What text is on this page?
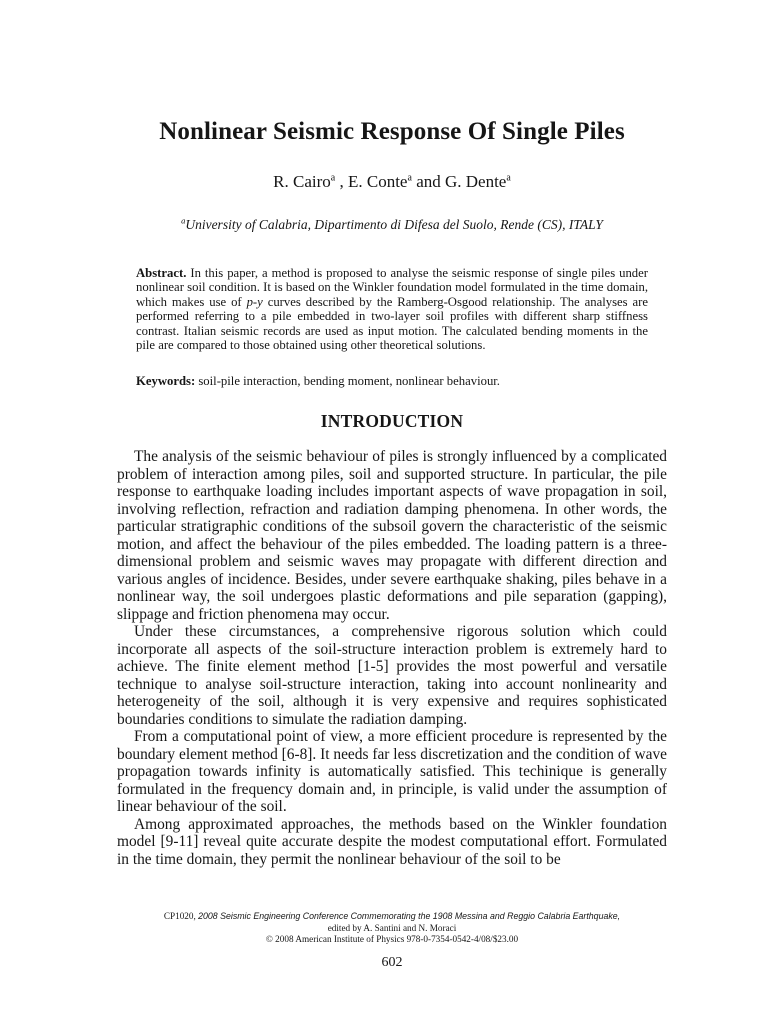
Nonlinear Seismic Response Of Single Piles
R. Cairo$^a$ , E. Conte$^a$ and G. Dente$^a$
$^a$University of Calabria, Dipartimento di Difesa del Suolo, Rende (CS), ITALY

Abstract. In this paper, a method is proposed to analyse the seismic response of single piles under nonlinear soil condition. It is based on the Winkler foundation model formulated in the time domain, which makes use of p-y curves described by the Ramberg-Osgood relationship. The analyses are performed referring to a pile embedded in two-layer soil profiles with different sharp stiffness contrast. Italian seismic records are used as input motion. The calculated bending moments in the pile are compared to those obtained using other theoretical solutions.

Keywords: soil-pile interaction, bending moment, nonlinear behaviour.

INTRODUCTION

The analysis of the seismic behaviour of piles is strongly influenced by a complicated problem of interaction among piles, soil and supported structure. In particular, the pile response to earthquake loading includes important aspects of wave propagation in soil, involving reflection, refraction and radiation damping phenomena. In other words, the particular stratigraphic conditions of the subsoil govern the characteristic of the seismic motion, and affect the behaviour of the piles embedded. The loading pattern is a three-dimensional problem and seismic waves may propagate with different direction and various angles of incidence. Besides, under severe earthquake shaking, piles behave in a nonlinear way, the soil undergoes plastic deformations and pile separation (gapping), slippage and friction phenomena may occur.

Under these circumstances, a comprehensive rigorous solution which could incorporate all aspects of the soil-structure interaction problem is extremely hard to achieve. The finite element method [1-5] provides the most powerful and versatile technique to analyse soil-structure interaction, taking into account nonlinearity and heterogeneity of the soil, although it is very expensive and requires sophisticated boundaries conditions to simulate the radiation damping.

From a computational point of view, a more efficient procedure is represented by the boundary element method [6-8]. It needs far less discretization and the condition of wave propagation towards infinity is automatically satisfied. This techinique is generally formulated in the frequency domain and, in principle, is valid under the assumption of linear behaviour of the soil.

Among approximated approaches, the methods based on the Winkler foundation model [9-11] reveal quite accurate despite the modest computational effort. Formulated in the time domain, they permit the nonlinear behaviour of the soil to be

CP1020, 2008 Seismic Engineering Conference Commemorating the 1908 Messina and Reggio Calabria Earthquake,
edited by A. Santini and N. Moraci
© 2008 American Institute of Physics 978-0-7354-0542-4/08/$23.00
602
